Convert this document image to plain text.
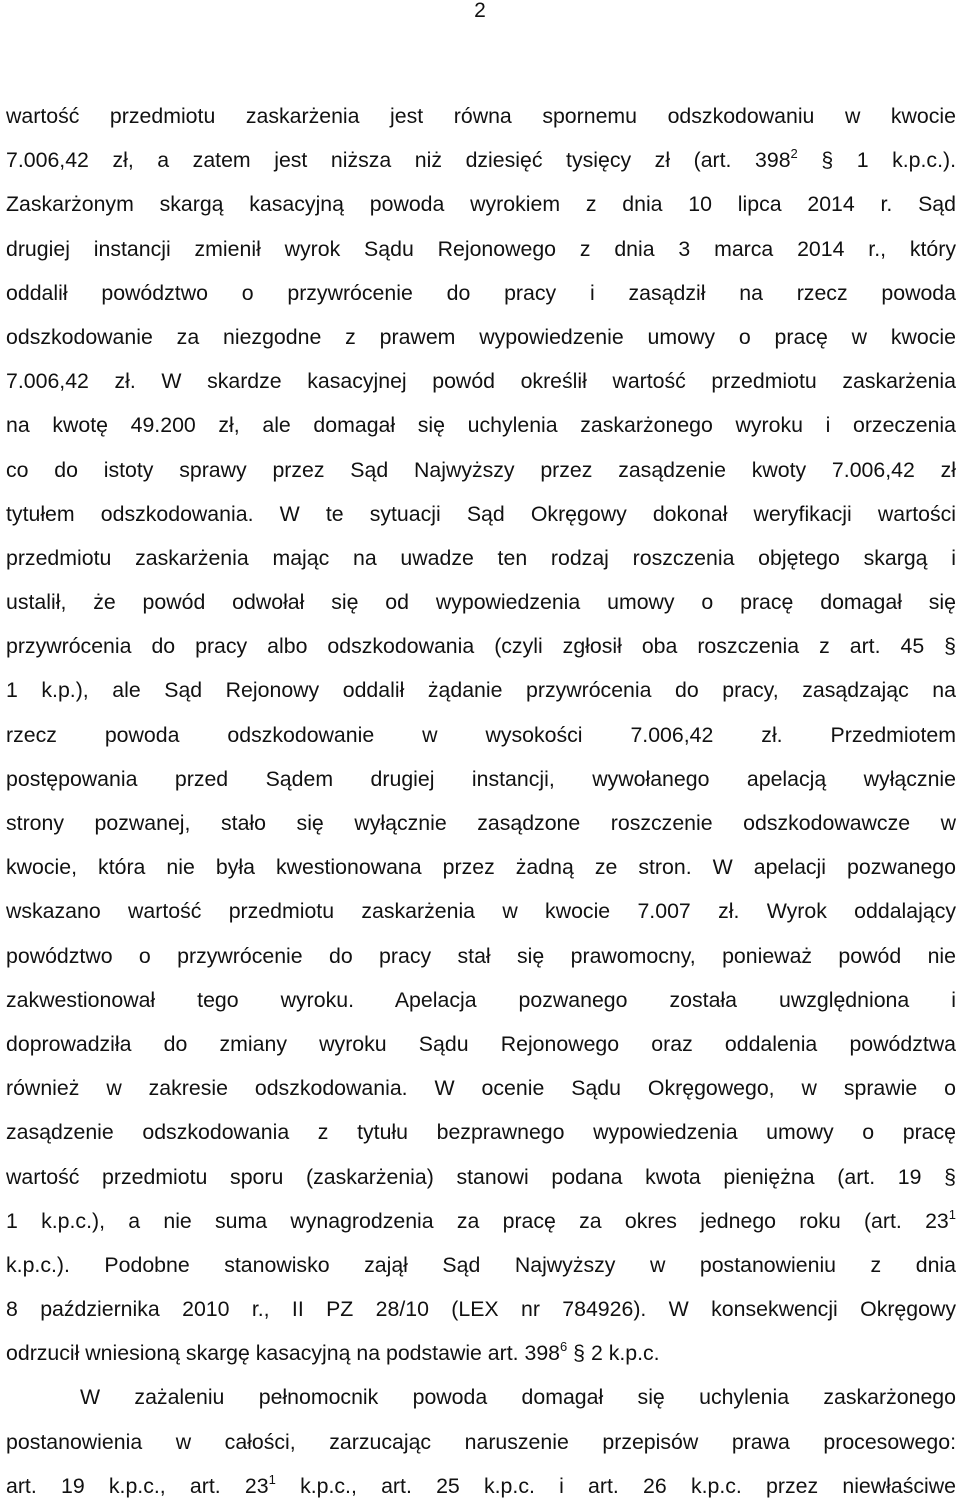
2
wartość przedmiotu zaskarżenia jest równa spornemu odszkodowaniu w kwocie
7.006,42 zł, a zatem jest niższa niż dziesięć tysięcy zł (art. $398^2$ § 1 k.p.c.).
Zaskarżonym skargą kasacyjną powoda wyrokiem z dnia 10 lipca 2014 r. Sąd
drugiej instancji zmienił wyrok Sądu Rejonowego z dnia 3 marca 2014 r., który
oddalił powództwo o przywrócenie do pracy i zasądził na rzecz powoda
odszkodowanie za niezgodne z prawem wypowiedzenie umowy o pracę w kwocie
7.006,42 zł. W skardze kasacyjnej powód określił wartość przedmiotu zaskarżenia
na kwotę 49.200 zł, ale domagał się uchylenia zaskarżonego wyroku i orzeczenia
co do istoty sprawy przez Sąd Najwyższy przez zasądzenie kwoty 7.006,42 zł
tytułem odszkodowania. W te sytuacji Sąd Okręgowy dokonał weryfikacji wartości
przedmiotu zaskarżenia mając na uwadze ten rodzaj roszczenia objętego skargą i
ustalił, że powód odwołał się od wypowiedzenia umowy o pracę domagał się
przywrócenia do pracy albo odszkodowania (czyli zgłosił oba roszczenia z art. 45 §
1 k.p.), ale Sąd Rejonowy oddalił żądanie przywrócenia do pracy, zasądzając na
rzecz powoda odszkodowanie w wysokości 7.006,42 zł. Przedmiotem
postępowania przed Sądem drugiej instancji, wywołanego apelacją wyłącznie
strony pozwanej, stało się wyłącznie zasądzone roszczenie odszkodowawcze w
kwocie, która nie była kwestionowana przez żadną ze stron. W apelacji pozwanego
wskazano wartość przedmiotu zaskarżenia w kwocie 7.007 zł. Wyrok oddalający
powództwo o przywrócenie do pracy stał się prawomocny, ponieważ powód nie
zakwestionował tego wyroku. Apelacja pozwanego została uwzględniona i
doprowadziła do zmiany wyroku Sądu Rejonowego oraz oddalenia powództwa
również w zakresie odszkodowania. W ocenie Sądu Okręgowego, w sprawie o
zasądzenie odszkodowania z tytułu bezprawnego wypowiedzenia umowy o pracę
wartość przedmiotu sporu (zaskarżenia) stanowi podana kwota pieniężna (art. 19 §
1 k.p.c.), a nie suma wynagrodzenia za pracę za okres jednego roku (art. $23^1$
k.p.c.). Podobne stanowisko zajął Sąd Najwyższy w postanowieniu z dnia
8 października 2010 r., II PZ 28/10 (LEX nr 784926). W konsekwencji Okręgowy
odrzucił wniesioną skargę kasacyjną na podstawie art. $398^6$ § 2 k.p.c.
W zażaleniu pełnomocnik powoda domagał się uchylenia zaskarżonego
postanowienia w całości, zarzucając naruszenie przepisów prawa procesowego:
art. 19 k.p.c., art. $23^1$ k.p.c., art. 25 k.p.c. i art. 26 k.p.c. przez niewłaściwe
